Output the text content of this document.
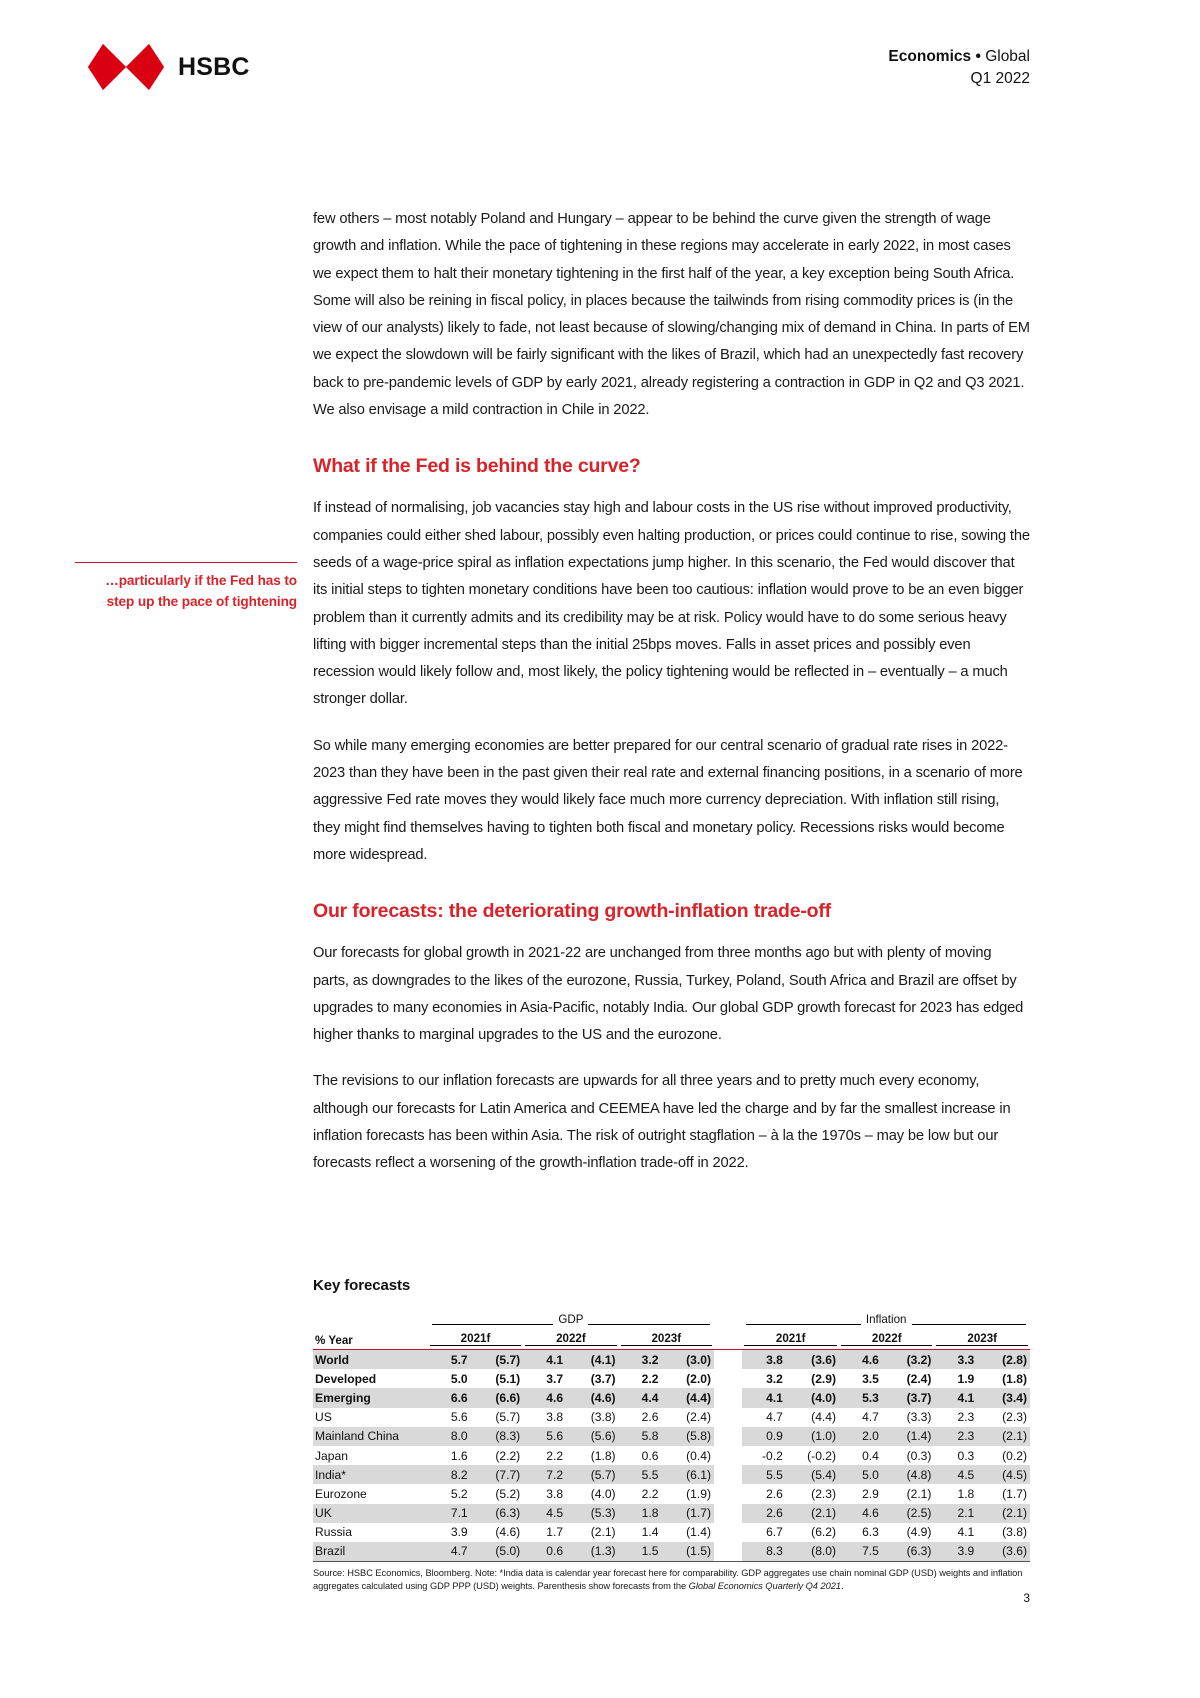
HSBC	Economics • Global
Q1 2022
…particularly if the Fed has to
step up the pace of tightening

few others – most notably Poland and Hungary – appear to be behind the curve given the strength of wage growth and inflation. While the pace of tightening in these regions may accelerate in early 2022, in most cases we expect them to halt their monetary tightening in the first half of the year, a key exception being South Africa. Some will also be reining in fiscal policy, in places because the tailwinds from rising commodity prices is (in the view of our analysts) likely to fade, not least because of slowing/changing mix of demand in China. In parts of EM we expect the slowdown will be fairly significant with the likes of Brazil, which had an unexpectedly fast recovery back to pre-pandemic levels of GDP by early 2021, already registering a contraction in GDP in Q2 and Q3 2021. We also envisage a mild contraction in Chile in 2022.

What if the Fed is behind the curve?

If instead of normalising, job vacancies stay high and labour costs in the US rise without improved productivity, companies could either shed labour, possibly even halting production, or prices could continue to rise, sowing the seeds of a wage-price spiral as inflation expectations jump higher. In this scenario, the Fed would discover that its initial steps to tighten monetary conditions have been too cautious: inflation would prove to be an even bigger problem than it currently admits and its credibility may be at risk. Policy would have to do some serious heavy lifting with bigger incremental steps than the initial 25bps moves. Falls in asset prices and possibly even recession would likely follow and, most likely, the policy tightening would be reflected in – eventually – a much stronger dollar.

So while many emerging economies are better prepared for our central scenario of gradual rate rises in 2022-2023 than they have been in the past given their real rate and external financing positions, in a scenario of more aggressive Fed rate moves they would likely face much more currency depreciation. With inflation still rising, they might find themselves having to tighten both fiscal and monetary policy. Recessions risks would become more widespread.

Our forecasts: the deteriorating growth-inflation trade-off

Our forecasts for global growth in 2021-22 are unchanged from three months ago but with plenty of moving parts, as downgrades to the likes of the eurozone, Russia, Turkey, Poland, South Africa and Brazil are offset by upgrades to many economies in Asia-Pacific, notably India. Our global GDP growth forecast for 2023 has edged higher thanks to marginal upgrades to the US and the eurozone.

The revisions to our inflation forecasts are upwards for all three years and to pretty much every economy, although our forecasts for Latin America and CEEMEA have led the charge and by far the smallest increase in inflation forecasts has been within Asia. The risk of outright stagflation – à la the 1970s – may be low but our forecasts reflect a worsening of the growth-inflation trade-off in 2022.

Key forecasts

GDP							Inflation					

% Year	2021f		2022f		2023f			2021f		2022f		2023f	

World	5.7	(5.7)	4.1	(4.1)	3.2	(3.0)		3.8	(3.6)	4.6	(3.2)	3.3	(2.8)
Developed	5.0	(5.1)	3.7	(3.7)	2.2	(2.0)		3.2	(2.9)	3.5	(2.4)	1.9	(1.8)
Emerging	6.6	(6.6)	4.6	(4.6)	4.4	(4.4)		4.1	(4.0)	5.3	(3.7)	4.1	(3.4)
US	5.6	(5.7)	3.8	(3.8)	2.6	(2.4)		4.7	(4.4)	4.7	(3.3)	2.3	(2.3)
Mainland China	8.0	(8.3)	5.6	(5.6)	5.8	(5.8)		0.9	(1.0)	2.0	(1.4)	2.3	(2.1)
Japan	1.6	(2.2)	2.2	(1.8)	0.6	(0.4)		-0.2	(-0.2)	0.4	(0.3)	0.3	(0.2)
India*	8.2	(7.7)	7.2	(5.7)	5.5	(6.1)		5.5	(5.4)	5.0	(4.8)	4.5	(4.5)
Eurozone	5.2	(5.2)	3.8	(4.0)	2.2	(1.9)		2.6	(2.3)	2.9	(2.1)	1.8	(1.7)
UK	7.1	(6.3)	4.5	(5.3)	1.8	(1.7)		2.6	(2.1)	4.6	(2.5)	2.1	(2.1)
Russia	3.9	(4.6)	1.7	(2.1)	1.4	(1.4)		6.7	(6.2)	6.3	(4.9)	4.1	(3.8)
Brazil	4.7	(5.0)	0.6	(1.3)	1.5	(1.5)		8.3	(8.0)	7.5	(6.3)	3.9	(3.6)
Source: HSBC Economics, Bloomberg. Note: *India data is calendar year forecast here for comparability. GDP aggregates use chain nominal GDP (USD) weights and inflation aggregates calculated using GDP PPP (USD) weights. Parenthesis show forecasts from the Global Economics Quarterly Q4 2021.
3
